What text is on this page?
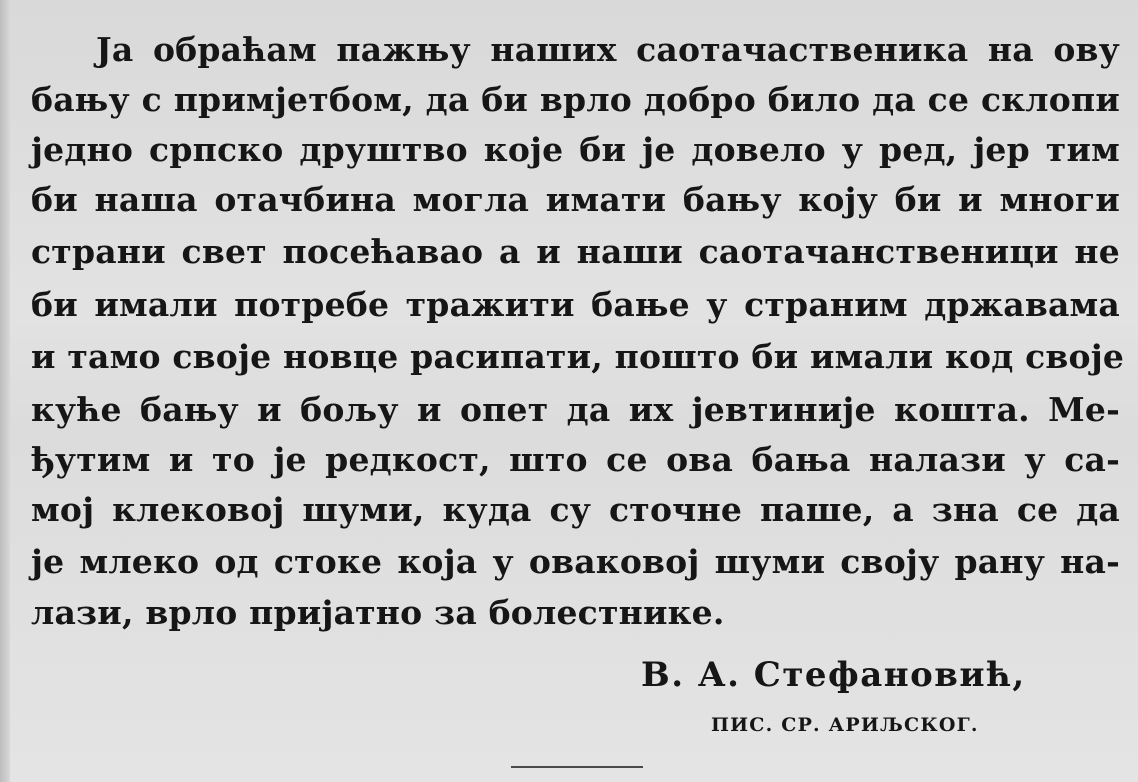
Ја обраћам пажњу наших саотачаственика на ову

бању с примјетбом, да би врло добро било да се склопи

једно српско друштво које би је довело у ред, јер тим

би наша отачбина могла имати бању коју би и многи

страни свет посећавао а и наши саотачанственици не

би имали потребе тражити бање у страним државама

и тамо своје новце расипати, пошто би имали код своје

куће бању и бољу и опет да их јевтиније кошта. Ме-

ђутим и то је редкост, што се ова бања налази у са-

мој клековој шуми, куда су сточне паше, а зна се да

је млеко од стоке која у оваковој шуми своју рану на-

лази, врло пријатно за болестнике.

В. А. Стефановић,

ПИС. СР. АРИЉСКОГ.
